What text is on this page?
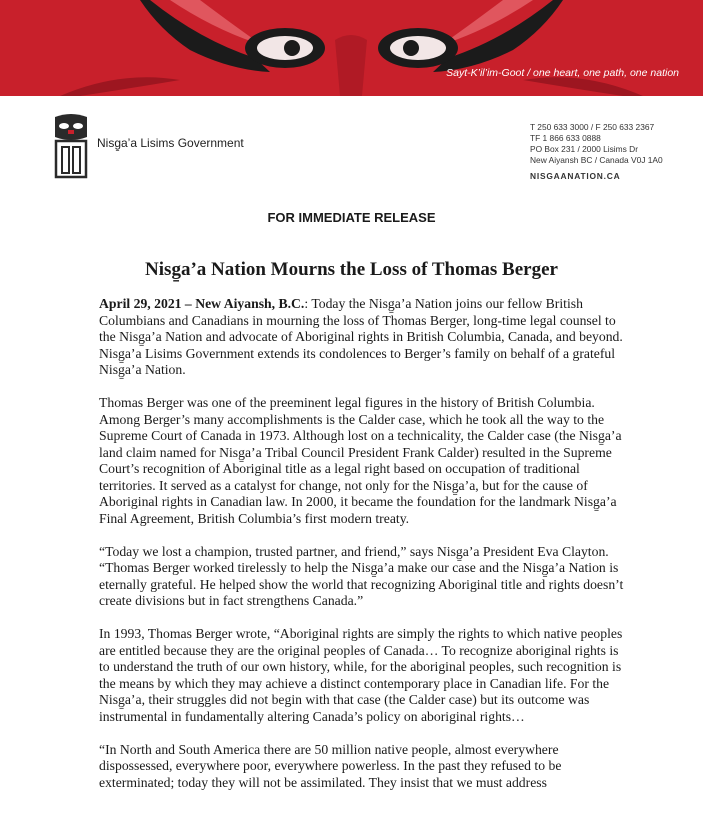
Sayt-K’il’im-Goot / one heart, one path, one nation
Nisg̱a’a Lisims Government
T 250 633 3000 / F 250 633 2367
TF 1 866 633 0888
PO Box 231 / 2000 Lisims Dr
New Aiyansh BC / Canada V0J 1A0
NISGAANATION.CA
FOR IMMEDIATE RELEASE
Nisg̱a’a Nation Mourns the Loss of Thomas Berger

April 29, 2021 – New Aiyansh, B.C.: Today the Nisg̱a’a Nation joins our fellow British Columbians and Canadians in mourning the loss of Thomas Berger, long-time legal counsel to the Nisg̱a’a Nation and advocate of Aboriginal rights in British Columbia, Canada, and beyond. Nisg̱a’a Lisims Government extends its condolences to Berger’s family on behalf of a grateful Nisg̱a’a Nation.

Thomas Berger was one of the preeminent legal figures in the history of British Columbia. Among Berger’s many accomplishments is the Calder case, which he took all the way to the Supreme Court of Canada in 1973. Although lost on a technicality, the Calder case (the Nisg̱a’a land claim named for Nisg̱a’a Tribal Council President Frank Calder) resulted in the Supreme Court’s recognition of Aboriginal title as a legal right based on occupation of traditional territories. It served as a catalyst for change, not only for the Nisg̱a’a, but for the cause of Aboriginal rights in Canadian law. In 2000, it became the foundation for the landmark Nisg̱a’a Final Agreement, British Columbia’s first modern treaty.

“Today we lost a champion, trusted partner, and friend,” says Nisg̱a’a President Eva Clayton. “Thomas Berger worked tirelessly to help the Nisg̱a’a make our case and the Nisg̱a’a Nation is eternally grateful. He helped show the world that recognizing Aboriginal title and rights doesn’t create divisions but in fact strengthens Canada.”

In 1993, Thomas Berger wrote, “Aboriginal rights are simply the rights to which native peoples are entitled because they are the original peoples of Canada… To recognize aboriginal rights is to understand the truth of our own history, while, for the aboriginal peoples, such recognition is the means by which they may achieve a distinct contemporary place in Canadian life. For the Nisg̱a’a, their struggles did not begin with that case (the Calder case) but its outcome was instrumental in fundamentally altering Canada’s policy on aboriginal rights…

“In North and South America there are 50 million native people, almost everywhere dispossessed, everywhere poor, everywhere powerless. In the past they refused to be exterminated; today they will not be assimilated. They insist that we must address
